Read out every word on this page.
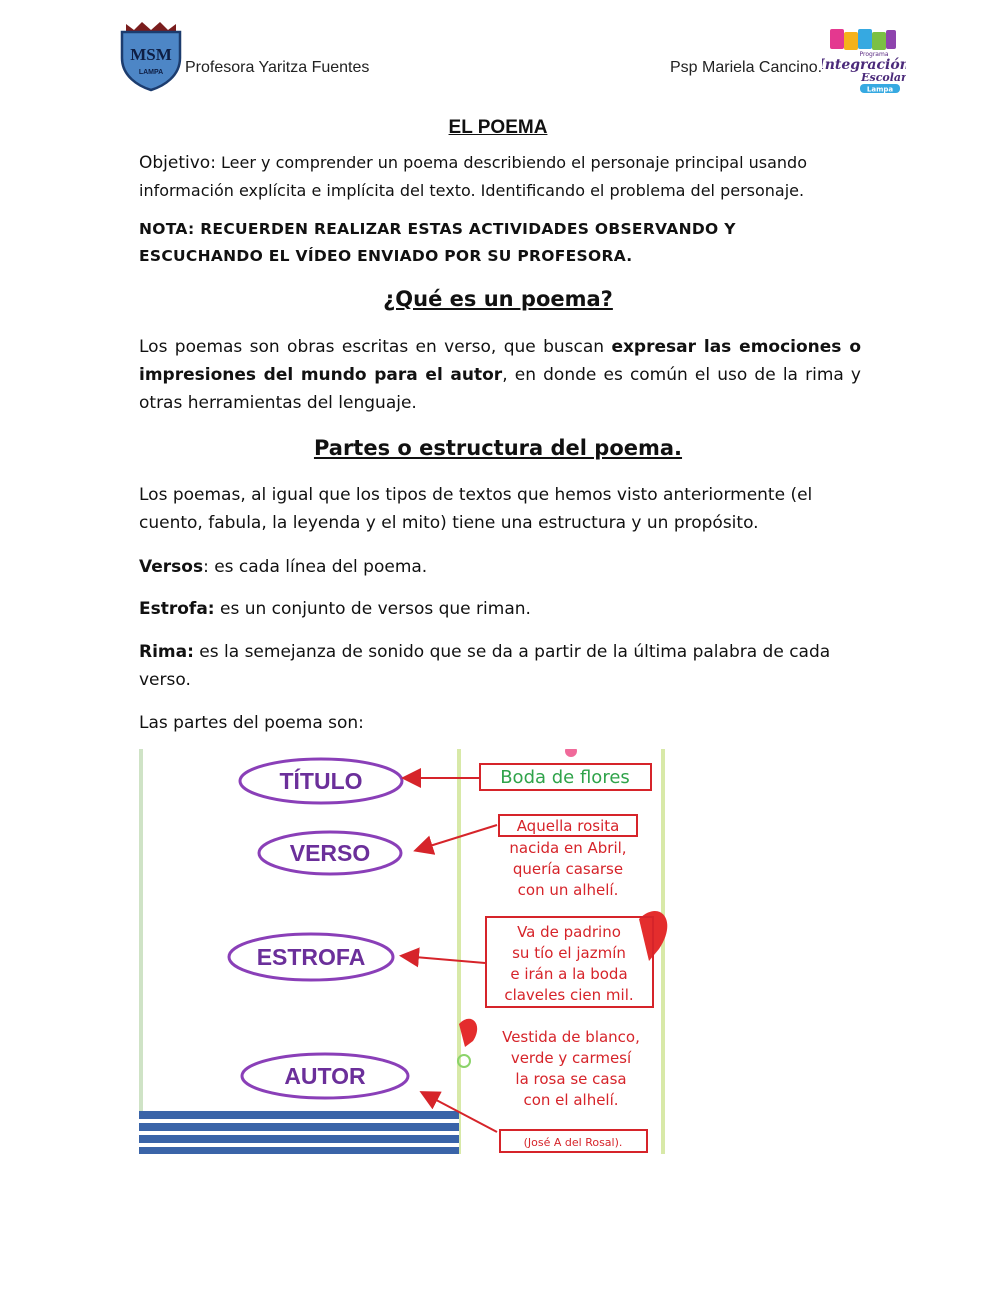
MSM
LAMPA Profesora Yaritza Fuentes	Psp Mariela Cancino.
Programa
Integración
Escolar
Lampa
EL POEMA
Objetivo: Leer y comprender un poema describiendo el personaje principal usando información explícita e implícita del texto. Identificando el problema del personaje.
NOTA: RECUERDEN REALIZAR ESTAS ACTIVIDADES OBSERVANDO Y ESCUCHANDO EL VÍDEO ENVIADO POR SU PROFESORA.
¿Qué es un poema?
Los poemas son obras escritas en verso, que buscan expresar las emociones o impresiones del mundo para el autor, en donde es común el uso de la rima y otras herramientas del lenguaje.
Partes o estructura del poema.
Los poemas, al igual que los tipos de textos que hemos visto anteriormente (el cuento, fabula, la leyenda y el mito) tiene una estructura y un propósito.
Versos: es cada línea del poema.
Estrofa: es un conjunto de versos que riman.
Rima: es la semejanza de sonido que se da a partir de la última palabra de cada verso.
Las partes del poema son:
TÍTULO
VERSO
ESTROFA
AUTOR
Boda de flores
Aquella rosita
nacida en Abril,
quería casarse
con un alhelí.
Va de padrino
su tío el jazmín
e irán a la boda
claveles cien mil.
Vestida de blanco,
verde y carmesí
la rosa se casa
con el alhelí.
(José A del Rosal).
